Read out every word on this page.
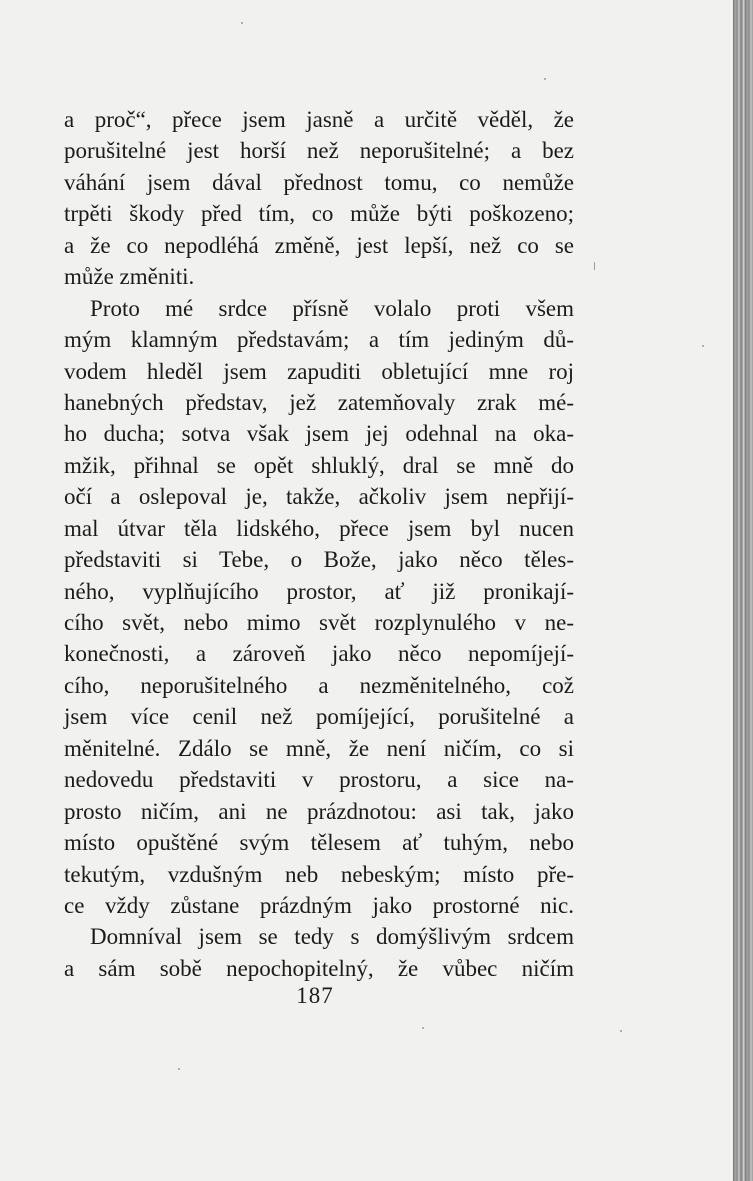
a proč“, přece jsem jasně a určitě věděl, že
porušitelné jest horší než neporušitelné; a bez
váhání jsem dával přednost tomu, co nemůže
trpěti škody před tím, co může býti poškozeno;
a že co nepodléhá změně, jest lepší, než co se
může změniti.
Proto mé srdce přísně volalo proti všem
mým klamným představám; a tím jediným dů-
vodem hleděl jsem zapuditi obletující mne roj
hanebných představ, jež zatemňovaly zrak mé-
ho ducha; sotva však jsem jej odehnal na oka-
mžik, přihnal se opět shluklý, dral se mně do
očí a oslepoval je, takže, ačkoliv jsem nepřijí-
mal útvar těla lidského, přece jsem byl nucen
představiti si Tebe, o Bože, jako něco těles-
ného, vyplňujícího prostor, ať již pronikají-
cího svět, nebo mimo svět rozplynulého v ne-
konečnosti, a zároveň jako něco nepomíjejí-
cího, neporušitelného a nezměnitelného, což
jsem více cenil než pomíjející, porušitelné a
měnitelné. Zdálo se mně, že není ničím, co si
nedovedu představiti v prostoru, a sice na-
prosto ničím, ani ne prázdnotou: asi tak, jako
místo opuštěné svým tělesem ať tuhým, nebo
tekutým, vzdušným neb nebeským; místo pře-
ce vždy zůstane prázdným jako prostorné nic.
Domníval jsem se tedy s domýšlivým srdcem
a sám sobě nepochopitelný, že vůbec ničím
187
